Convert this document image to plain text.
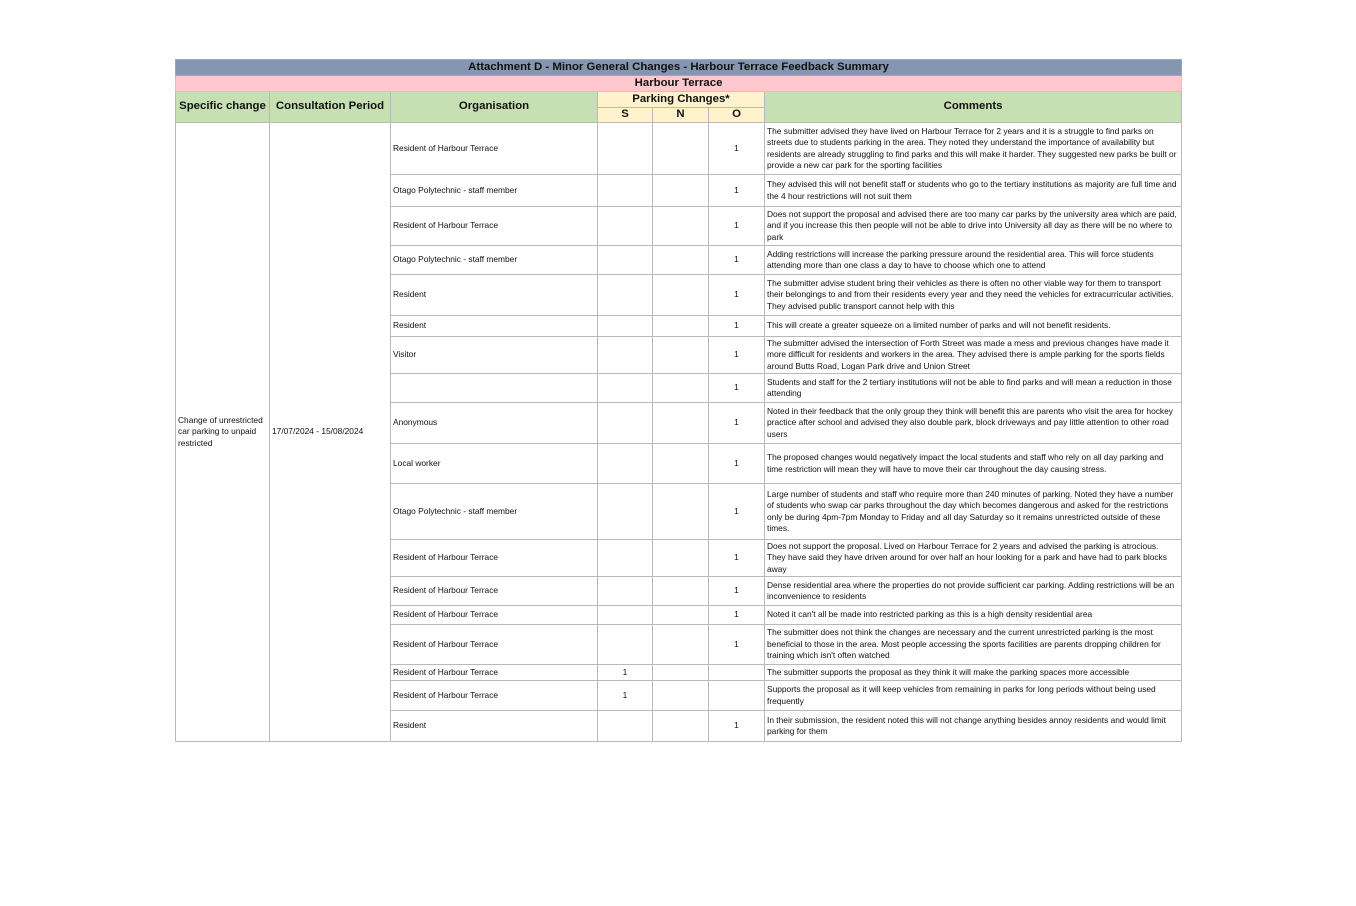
Attachment D - Minor General Changes - Harbour Terrace Feedback Summary						
Harbour Terrace						
Specific change	Consultation Period	Organisation	Parking Changes*			Comments
			S	N	O	
Change of unrestricted car parking to unpaid restricted	17/07/2024 - 15/08/2024	Resident of Harbour Terrace			1	The submitter advised they have lived on Harbour Terrace for 2 years and it is a struggle to find parks on streets due to students parking in the area. They noted they understand the importance of availability but residents are already struggling to find parks and this will make it harder. They suggested new parks be built or provide a new car park for the sporting facilities
		Otago Polytechnic - staff member			1	They advised this will not benefit staff or students who go to the tertiary institutions as majority are full time and the 4 hour restrictions will not suit them
		Resident of Harbour Terrace			1	Does not support the proposal and advised there are too many car parks by the university area which are paid, and if you increase this then people will not be able to drive into University all day as there will be no where to park
		Otago Polytechnic - staff member			1	Adding restrictions will increase the parking pressure around the residential area. This will force students attending more than one class a day to have to choose which one to attend
		Resident			1	The submitter advise student bring their vehicles as there is often no other viable way for them to transport their belongings to and from their residents every year and they need the vehicles for extracurricular activities. They advised public transport cannot help with this
		Resident			1	This will create a greater squeeze on a limited number of parks and will not benefit residents.
		Visitor			1	The submitter advised the intersection of Forth Street was made a mess and previous changes have made it more difficult for residents and workers in the area. They advised there is ample parking for the sports fields around Butts Road, Logan Park drive and Union Street
					1	Students and staff for the 2 tertiary institutions will not be able to find parks and will mean a reduction in those attending
		Anonymous			1	Noted in their feedback that the only group they think will benefit this are parents who visit the area for hockey practice after school and advised they also double park, block driveways and pay little attention to other road users
		Local worker			1	The proposed changes would negatively impact the local students and staff who rely on all day parking and time restriction will mean they will have to move their car throughout the day causing stress.
		Otago Polytechnic - staff member			1	Large number of students and staff who require more than 240 minutes of parking. Noted they have a number of students who swap car parks throughout the day which becomes dangerous and asked for the restrictions only be during 4pm-7pm Monday to Friday and all day Saturday so it remains unrestricted outside of these times.
		Resident of Harbour Terrace			1	Does not support the proposal. Lived on Harbour Terrace for 2 years and advised the parking is atrocious. They have said they have driven around for over half an hour looking for a park and have had to park blocks away
		Resident of Harbour Terrace			1	Dense residential area where the properties do not provide sufficient car parking. Adding restrictions will be an inconvenience to residents
		Resident of Harbour Terrace			1	Noted it can't all be made into restricted parking as this is a high density residential area
		Resident of Harbour Terrace			1	The submitter does not think the changes are necessary and the current unrestricted parking is the most beneficial to those in the area. Most people accessing the sports facilities are parents dropping children for training which isn't often watched
		Resident of Harbour Terrace	1			The submitter supports the proposal as they think it will make the parking spaces more accessible
		Resident of Harbour Terrace	1			Supports the proposal as it will keep vehicles from remaining in parks for long periods without being used frequently
		Resident			1	In their submission, the resident noted this will not change anything besides annoy residents and would limit parking for them
